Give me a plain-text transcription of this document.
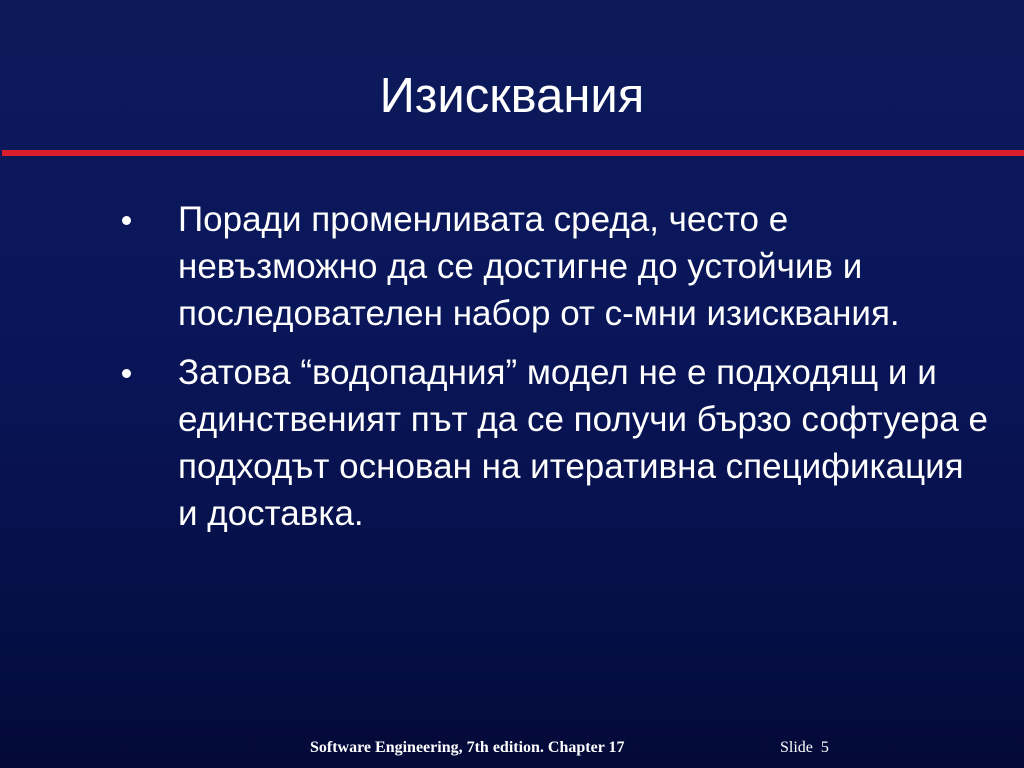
Изисквания
Поради променливата среда, често е невъзможно да се достигне до устойчив и последователен набор от с-мни изисквания.
Затова “водопадния” модел не е подходящ и и единственият път да се получи бързо софтуера е подходът основан на итеративна спецификация и доставка.
Software Engineering, 7th edition. Chapter 17	Slide 5
